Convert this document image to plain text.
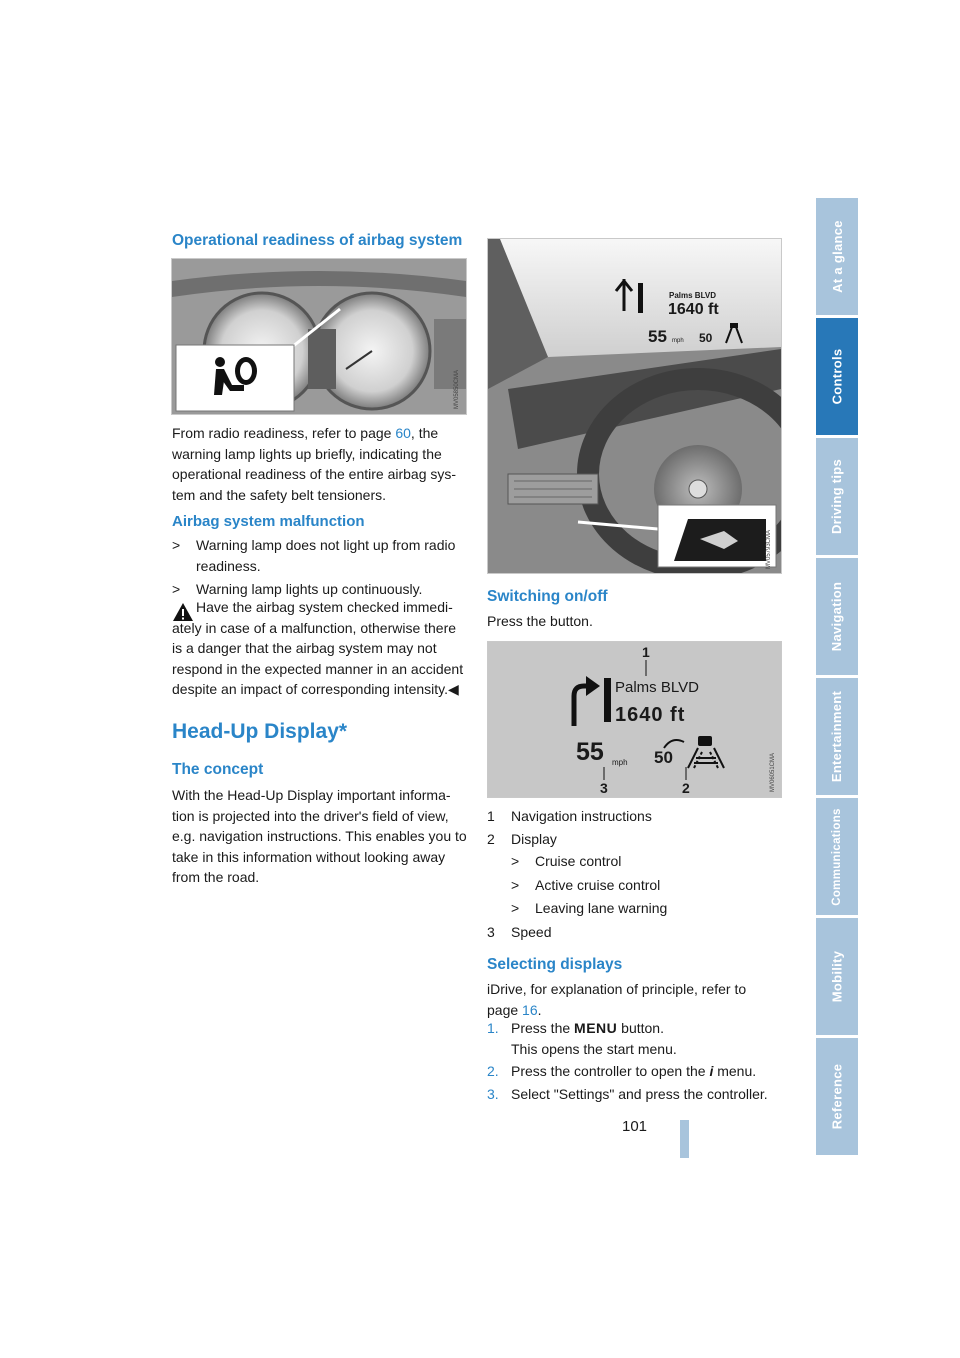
At a glance
Controls
Driving tips
Navigation
Entertainment
Communications
Mobility
Reference
101
Operational readiness of airbag system
MV05850CMA
From radio readiness, refer to page 60, the warning lamp lights up briefly, indicating the operational readiness of the entire airbag sys-tem and the safety belt tensioners.
Airbag system malfunction
> Warning lamp does not light up from radio readiness.
> Warning lamp lights up continuously.
Have the airbag system checked immedi-ately in case of a malfunction, otherwise there is a danger that the airbag system may not respond in the expected manner in an accident despite an impact of corresponding intensity.◀
Head-Up Display*
The concept
With the Head-Up Display important informa-tion is projected into the driver's field of view, e.g. navigation instructions. This enables you to take in this information without looking away from the road.
MV05793CMA
Palms BLVD
1640 ft
55 mph 50
Switching on/off
Press the button.
MV06051CMA
1
2
3
Palms BLVD
1640 ft
55 mph 50
1 Navigation instructions
2 Display
> Cruise control
> Active cruise control
> Leaving lane warning
3 Speed
Selecting displays
iDrive, for explanation of principle, refer to page 16.
1. Press the MENU button.
This opens the start menu.
2. Press the controller to open the i menu.
3. Select "Settings" and press the controller.
